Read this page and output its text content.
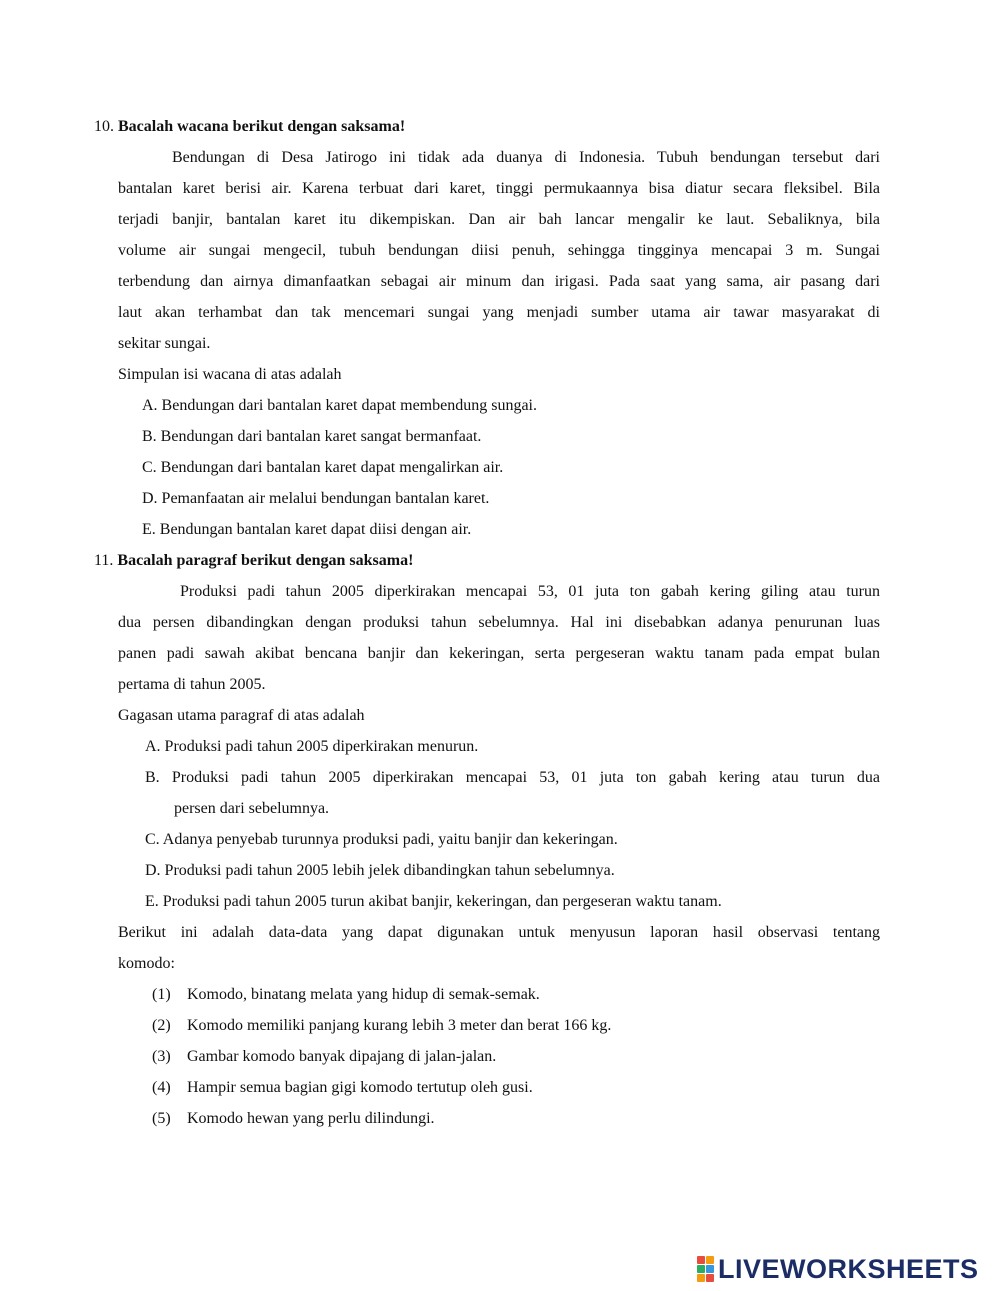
10. Bacalah wacana berikut dengan saksama!
Bendungan di Desa Jatirogo ini tidak ada duanya di Indonesia. Tubuh bendungan tersebut dari
bantalan karet berisi air. Karena terbuat dari karet, tinggi permukaannya bisa diatur secara fleksibel. Bila
terjadi banjir, bantalan karet itu dikempiskan. Dan air bah lancar mengalir ke laut. Sebaliknya, bila
volume air sungai mengecil, tubuh bendungan diisi penuh, sehingga tingginya mencapai 3 m. Sungai
terbendung dan airnya dimanfaatkan sebagai air minum dan irigasi. Pada saat yang sama, air pasang dari
laut akan terhambat dan tak mencemari sungai yang menjadi sumber utama air tawar masyarakat di
sekitar sungai.
Simpulan isi wacana di atas adalah
A. Bendungan dari bantalan karet dapat membendung sungai.
B. Bendungan dari bantalan karet sangat bermanfaat.
C. Bendungan dari bantalan karet dapat mengalirkan air.
D. Pemanfaatan air melalui bendungan bantalan karet.
E. Bendungan bantalan karet dapat diisi dengan air.
11. Bacalah paragraf berikut dengan saksama!
Produksi padi tahun 2005 diperkirakan mencapai 53, 01 juta ton gabah kering giling atau turun
dua persen dibandingkan dengan produksi tahun sebelumnya. Hal ini disebabkan adanya penurunan luas
panen padi sawah akibat bencana banjir dan kekeringan, serta pergeseran waktu tanam pada empat bulan
pertama di tahun 2005.
Gagasan utama paragraf di atas adalah
A. Produksi padi tahun 2005 diperkirakan menurun.
B. Produksi padi tahun 2005 diperkirakan mencapai 53, 01 juta ton gabah kering atau turun dua
persen dari sebelumnya.
C. Adanya penyebab turunnya produksi padi, yaitu banjir dan kekeringan.
D. Produksi padi tahun 2005 lebih jelek dibandingkan tahun sebelumnya.
E. Produksi padi tahun 2005 turun akibat banjir, kekeringan, dan pergeseran waktu tanam.
Berikut ini adalah data-data yang dapat digunakan untuk menyusun laporan hasil observasi tentang
komodo:
(1) Komodo, binatang melata yang hidup di semak-semak.
(2) Komodo memiliki panjang kurang lebih 3 meter dan berat 166 kg.
(3) Gambar komodo banyak dipajang di jalan-jalan.
(4) Hampir semua bagian gigi komodo tertutup oleh gusi.
(5) Komodo hewan yang perlu dilindungi.
LIVEWORKSHEETS
